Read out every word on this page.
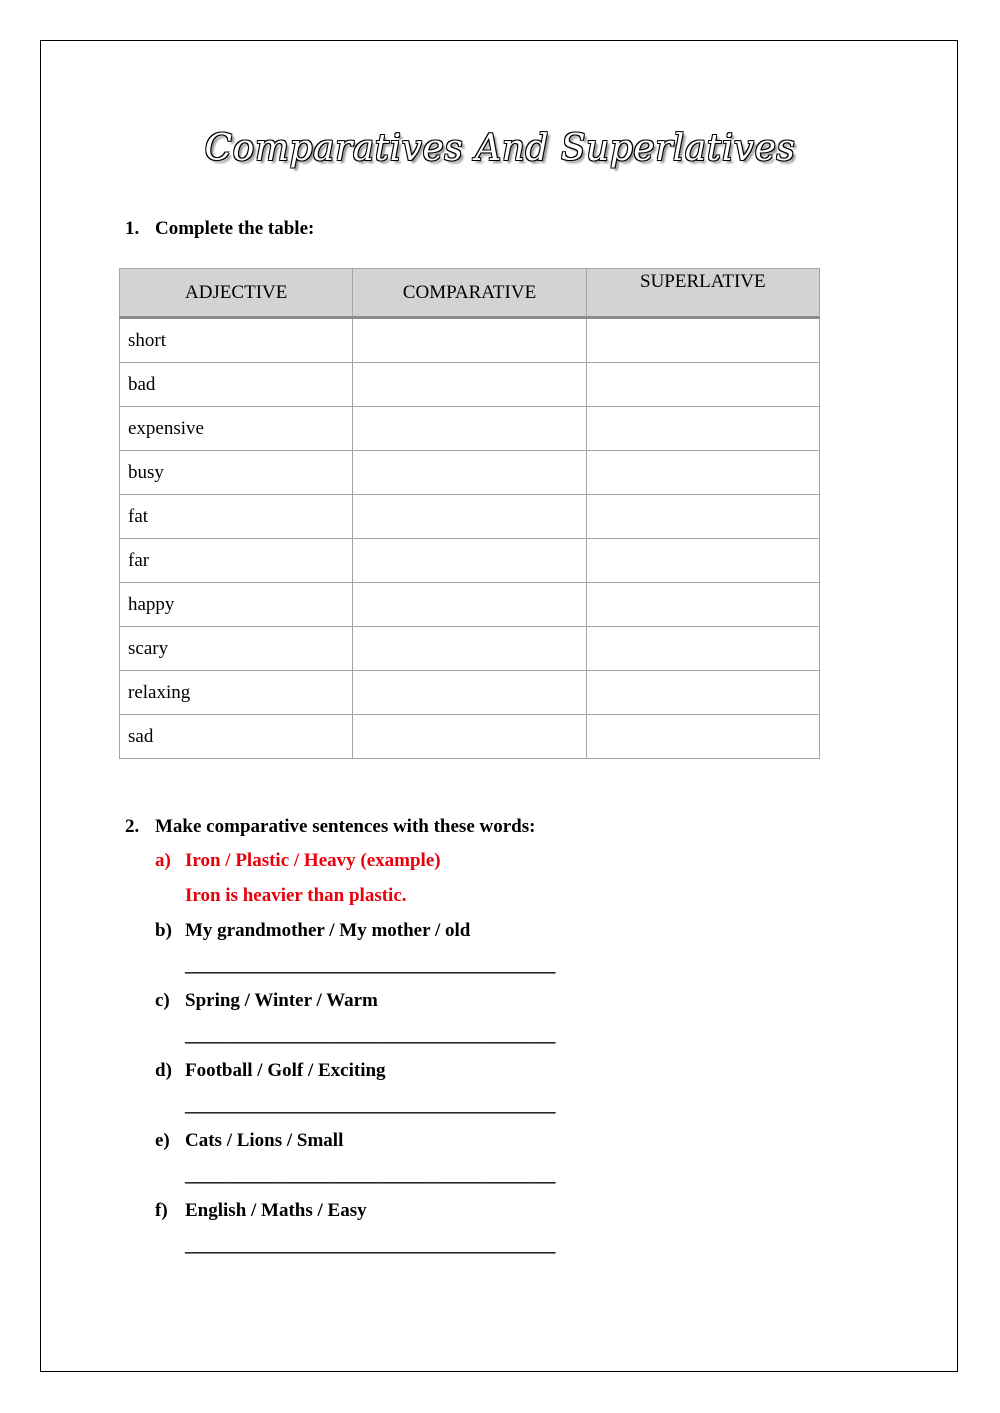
Comparatives And Superlatives
1. Complete the table:
ADJECTIVE	COMPARATIVE	SUPERLATIVE
short		
bad		
expensive		
busy		
fat		
far		
happy		
scary		
relaxing		
sad		
2. Make comparative sentences with these words:
a) Iron / Plastic / Heavy (example)
Iron is heavier than plastic.
b) My grandmother / My mother / old
_______________________________________
c) Spring / Winter / Warm
_______________________________________
d) Football / Golf / Exciting
_______________________________________
e) Cats / Lions / Small
_______________________________________
f) English / Maths / Easy
_______________________________________
